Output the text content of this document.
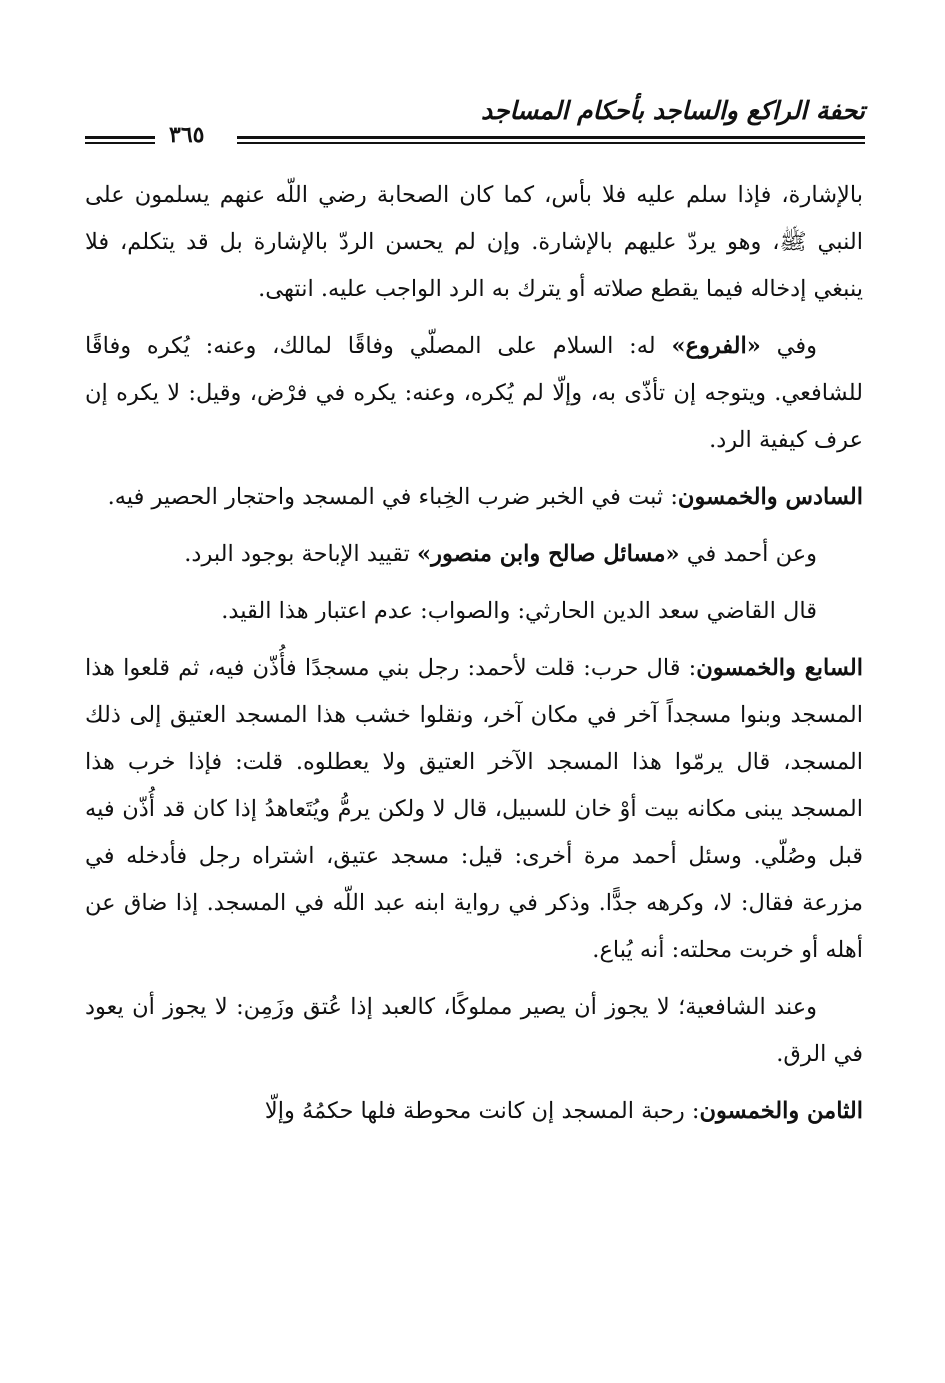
تحفة الراكع والساجد بأحكام المساجد
٣٦٥

بالإشارة، فإذا سلم عليه فلا بأس، كما كان الصحابة رضي اللّه عنهم يسلمون على النبي ﷺ، وهو يردّ عليهم بالإشارة. وإن لم يحسن الردّ بالإشارة بل قد يتكلم، فلا ينبغي إدخاله فيما يقطع صلاته أو يترك به الرد الواجب عليه. انتهى.

وفي «الفروع» له: السلام على المصلّي وفاقًا لمالك، وعنه: يُكره وفاقًا للشافعي. ويتوجه إن تأذّى به، وإلّا لم يُكره، وعنه: يكره في فرْض، وقيل: لا يكره إن عرف كيفية الرد.

السادس والخمسون: ثبت في الخبر ضرب الخِباء في المسجد واحتجار الحصير فيه.

وعن أحمد في «مسائل صالح وابن منصور» تقييد الإباحة بوجود البرد.

قال القاضي سعد الدين الحارثي: والصواب: عدم اعتبار هذا القيد.

السابع والخمسون: قال حرب: قلت لأحمد: رجل بني مسجدًا فأُذّن فيه، ثم قلعوا هذا المسجد وبنوا مسجداً آخر في مكان آخر، ونقلوا خشب هذا المسجد العتيق إلى ذلك المسجد، قال يرمّوا هذا المسجد الآخر العتيق ولا يعطلوه. قلت: فإذا خرب هذا المسجد يبنى مكانه بيت أوْ خان للسبيل، قال لا ولكن يرمُّ ويُتَعاهدُ إذا كان قد أُذّن فيه قبل وصُلّي. وسئل أحمد مرة أخرى: قيل: مسجد عتيق، اشتراه رجل فأدخله في مزرعة فقال: لا، وكرهه جدًّا. وذكر في رواية ابنه عبد اللّه في المسجد. إذا ضاق عن أهله أو خربت محلته: أنه يُباع.

وعند الشافعية؛ لا يجوز أن يصير مملوكًا، كالعبد إذا عُتق وزَمِن: لا يجوز أن يعود في الرق.

الثامن والخمسون: رحبة المسجد إن كانت محوطة فلها حكمُهُ وإلّا
